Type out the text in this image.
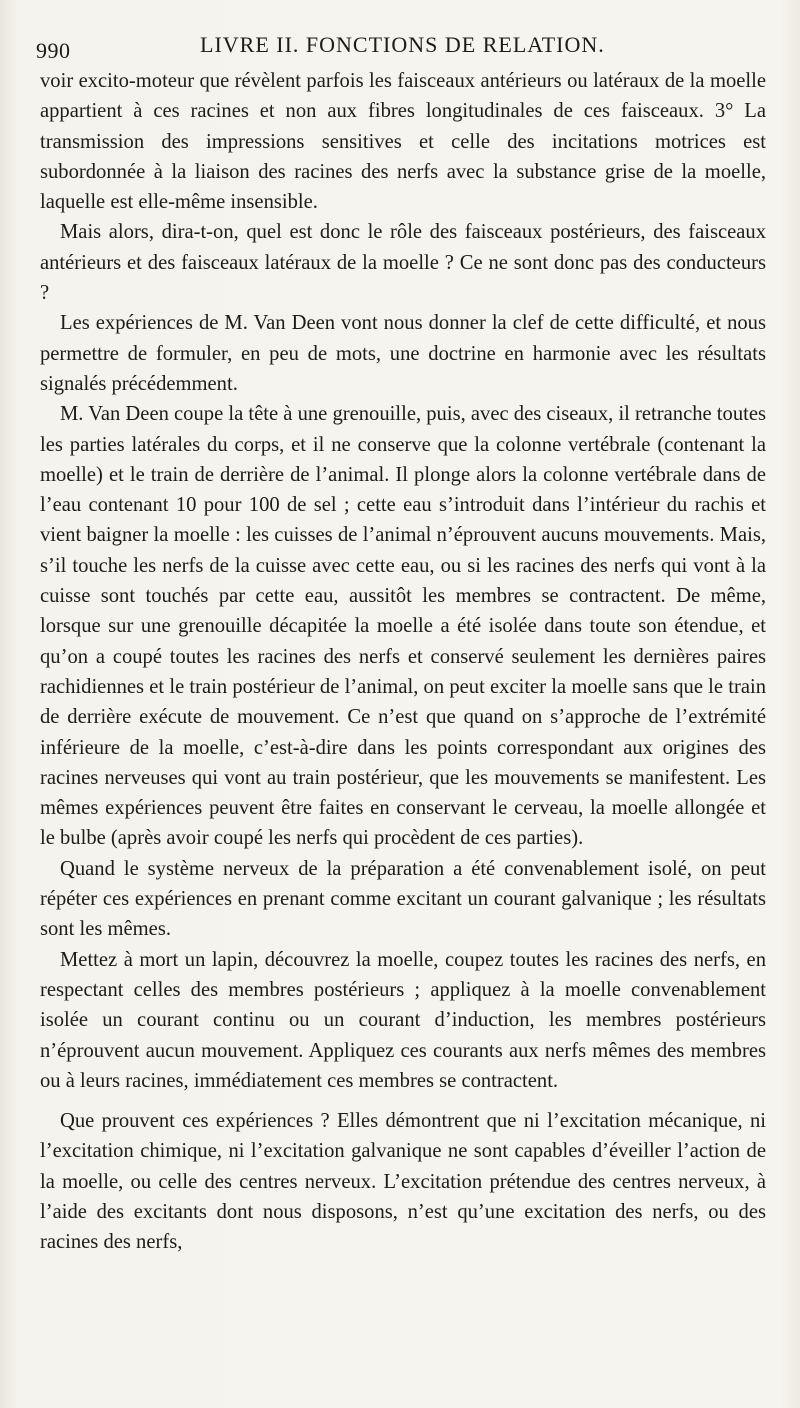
990	LIVRE II. FONCTIONS DE RELATION.

voir excito-moteur que révèlent parfois les faisceaux antérieurs ou latéraux de la moelle appartient à ces racines et non aux fibres longitudinales de ces faisceaux. 3° La transmission des impressions sensitives et celle des incitations motrices est subordonnée à la liaison des racines des nerfs avec la substance grise de la moelle, laquelle est elle-même insensible.

Mais alors, dira-t-on, quel est donc le rôle des faisceaux postérieurs, des faisceaux antérieurs et des faisceaux latéraux de la moelle ? Ce ne sont donc pas des conducteurs ?

Les expériences de M. Van Deen vont nous donner la clef de cette difficulté, et nous permettre de formuler, en peu de mots, une doctrine en harmonie avec les résultats signalés précédemment.

M. Van Deen coupe la tête à une grenouille, puis, avec des ciseaux, il retranche toutes les parties latérales du corps, et il ne conserve que la colonne vertébrale (contenant la moelle) et le train de derrière de l’animal. Il plonge alors la colonne vertébrale dans de l’eau contenant 10 pour 100 de sel ; cette eau s’introduit dans l’intérieur du rachis et vient baigner la moelle : les cuisses de l’animal n’éprouvent aucuns mouvements. Mais, s’il touche les nerfs de la cuisse avec cette eau, ou si les racines des nerfs qui vont à la cuisse sont touchés par cette eau, aussitôt les membres se contractent. De même, lorsque sur une grenouille décapitée la moelle a été isolée dans toute son étendue, et qu’on a coupé toutes les racines des nerfs et conservé seulement les dernières paires rachidiennes et le train postérieur de l’animal, on peut exciter la moelle sans que le train de derrière exécute de mouvement. Ce n’est que quand on s’approche de l’extrémité inférieure de la moelle, c’est-à-dire dans les points correspondant aux origines des racines nerveuses qui vont au train postérieur, que les mouvements se manifestent. Les mêmes expériences peuvent être faites en conservant le cerveau, la moelle allongée et le bulbe (après avoir coupé les nerfs qui procèdent de ces parties).

Quand le système nerveux de la préparation a été convenablement isolé, on peut répéter ces expériences en prenant comme excitant un courant galvanique ; les résultats sont les mêmes.

Mettez à mort un lapin, découvrez la moelle, coupez toutes les racines des nerfs, en respectant celles des membres postérieurs ; appliquez à la moelle convenablement isolée un courant continu ou un courant d’induction, les membres postérieurs n’éprouvent aucun mouvement. Appliquez ces courants aux nerfs mêmes des membres ou à leurs racines, immédiatement ces membres se contractent.

Que prouvent ces expériences ? Elles démontrent que ni l’excitation mécanique, ni l’excitation chimique, ni l’excitation galvanique ne sont capables d’éveiller l’action de la moelle, ou celle des centres nerveux. L’excitation prétendue des centres nerveux, à l’aide des excitants dont nous disposons, n’est qu’une excitation des nerfs, ou des racines des nerfs,
